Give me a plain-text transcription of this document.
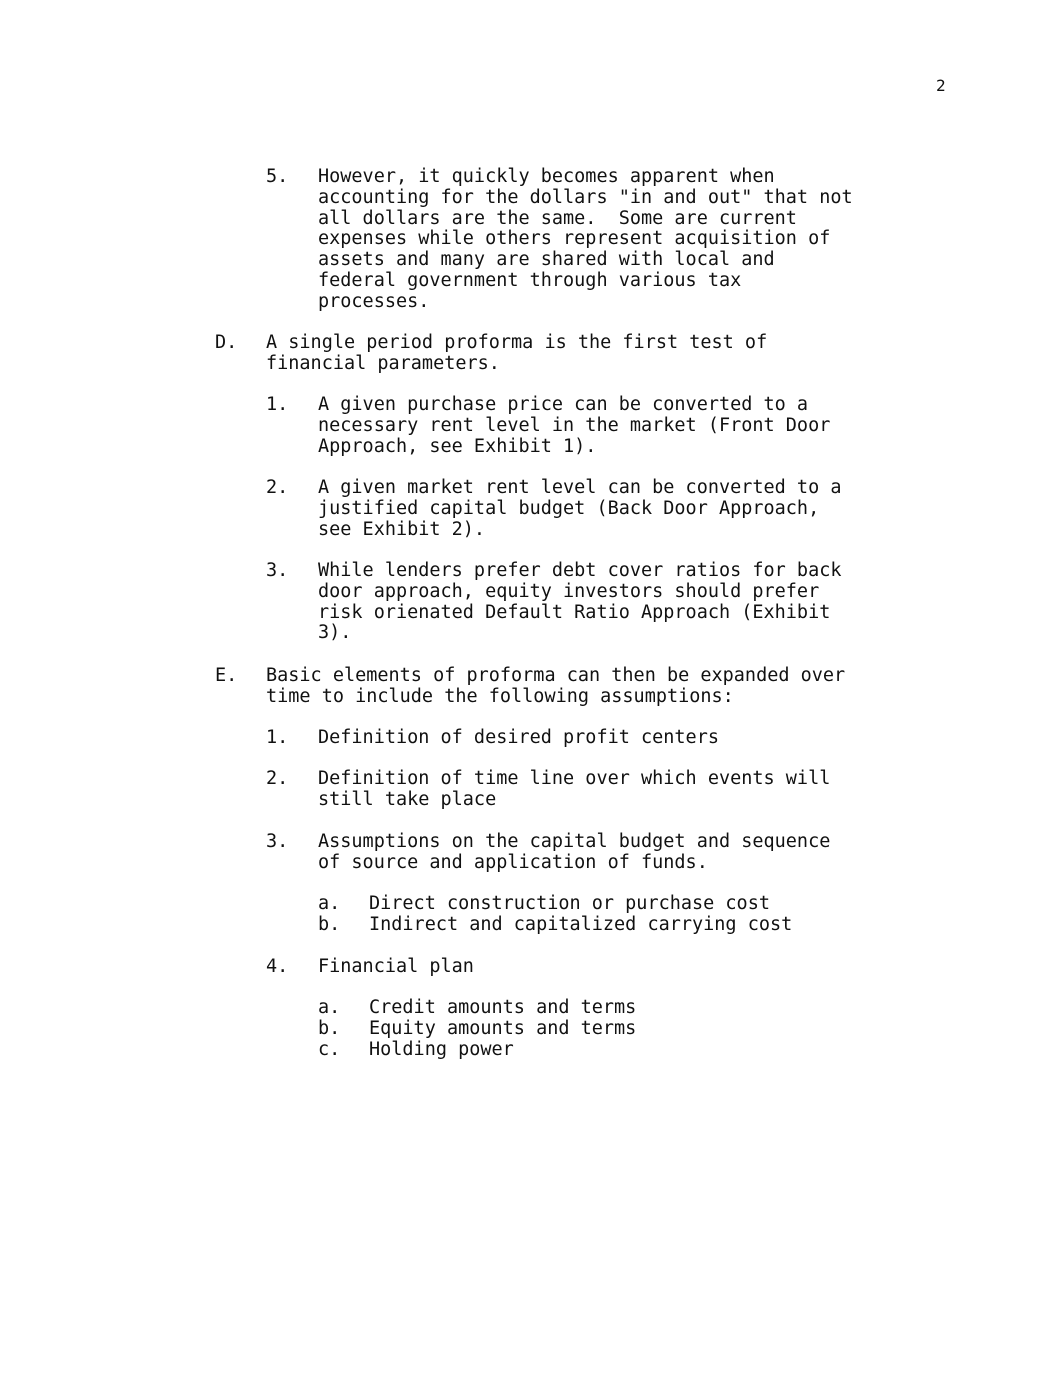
2
5. However, it quickly becomes apparent when
accounting for the dollars "in and out" that not
all dollars are the same.  Some are current
expenses while others represent acquisition of
assets and many are shared with local and
federal government through various tax
processes.
D. A single period proforma is the first test of
financial parameters.
1. A given purchase price can be converted to a
necessary rent level in the market (Front Door
Approach, see Exhibit 1).
2. A given market rent level can be converted to a
justified capital budget (Back Door Approach,
see Exhibit 2).
3. While lenders prefer debt cover ratios for back
door approach, equity investors should prefer
risk orienated Default Ratio Approach (Exhibit
3).
E. Basic elements of proforma can then be expanded over
time to include the following assumptions:
1. Definition of desired profit centers
2. Definition of time line over which events will
still take place
3. Assumptions on the capital budget and sequence
of source and application of funds.
a. Direct construction or purchase cost
b. Indirect and capitalized carrying cost
4. Financial plan
a. Credit amounts and terms
b. Equity amounts and terms
c. Holding power
